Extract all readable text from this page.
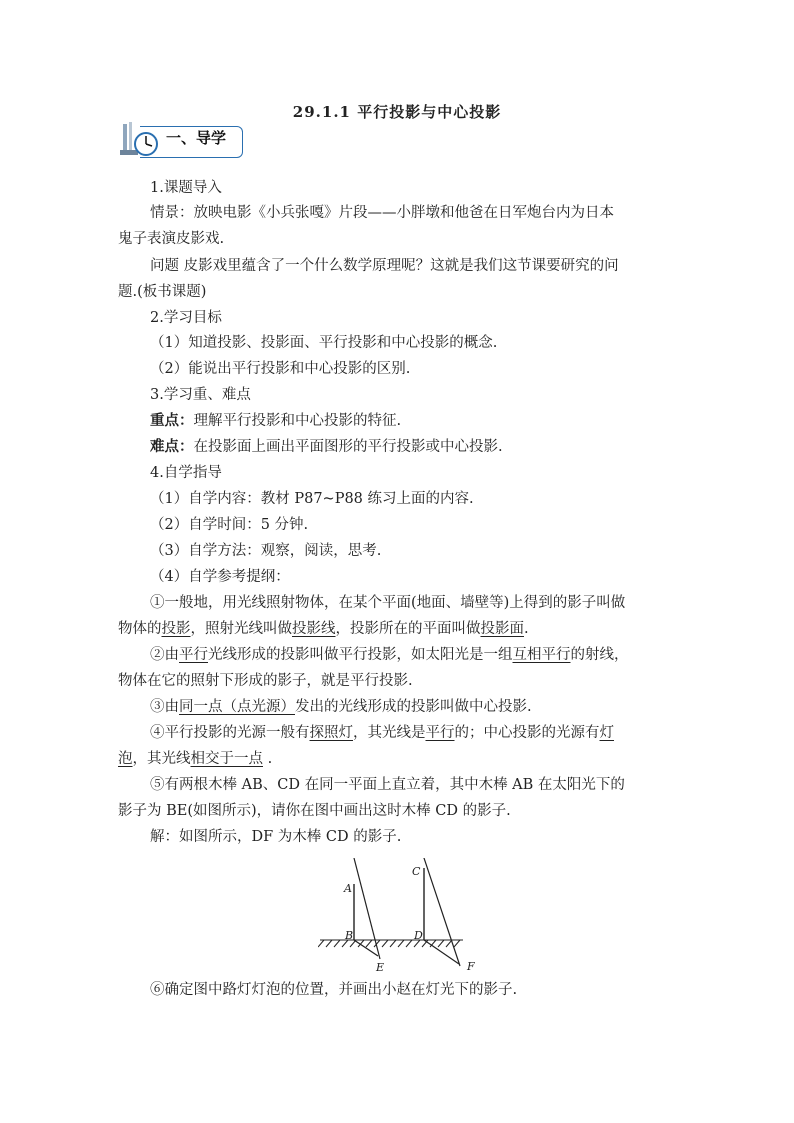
29.1.1 平行投影与中心投影
一、导学
1.课题导入
情景：放映电影《小兵张嘎》片段——小胖墩和他爸在日军炮台内为日本
鬼子表演皮影戏.
问题 皮影戏里蕴含了一个什么数学原理呢？这就是我们这节课要研究的问
题.(板书课题)
2.学习目标
（1）知道投影、投影面、平行投影和中心投影的概念.
（2）能说出平行投影和中心投影的区别.
3.学习重、难点
重点：理解平行投影和中心投影的特征.
难点：在投影面上画出平面图形的平行投影或中心投影.
4.自学指导
（1）自学内容：教材 P87~P88 练习上面的内容.
（2）自学时间：5 分钟.
（3）自学方法：观察，阅读，思考.
（4）自学参考提纲：
①一般地，用光线照射物体，在某个平面(地面、墙壁等)上得到的影子叫做
物体的投影，照射光线叫做投影线，投影所在的平面叫做投影面.
②由平行光线形成的投影叫做平行投影，如太阳光是一组互相平行的射线，
物体在它的照射下形成的影子，就是平行投影.
③由同一点（点光源）发出的光线形成的投影叫做中心投影.
④平行投影的光源一般有探照灯，其光线是平行的；中心投影的光源有灯
泡，其光线相交于一点 .
⑤有两根木棒 AB、CD 在同一平面上直立着，其中木棒 AB 在太阳光下的
影子为 BE(如图所示)，请你在图中画出这时木棒 CD 的影子.
解：如图所示，DF 为木棒 CD 的影子.
A
B
C
D
E	F
⑥确定图中路灯灯泡的位置，并画出小赵在灯光下的影子.
